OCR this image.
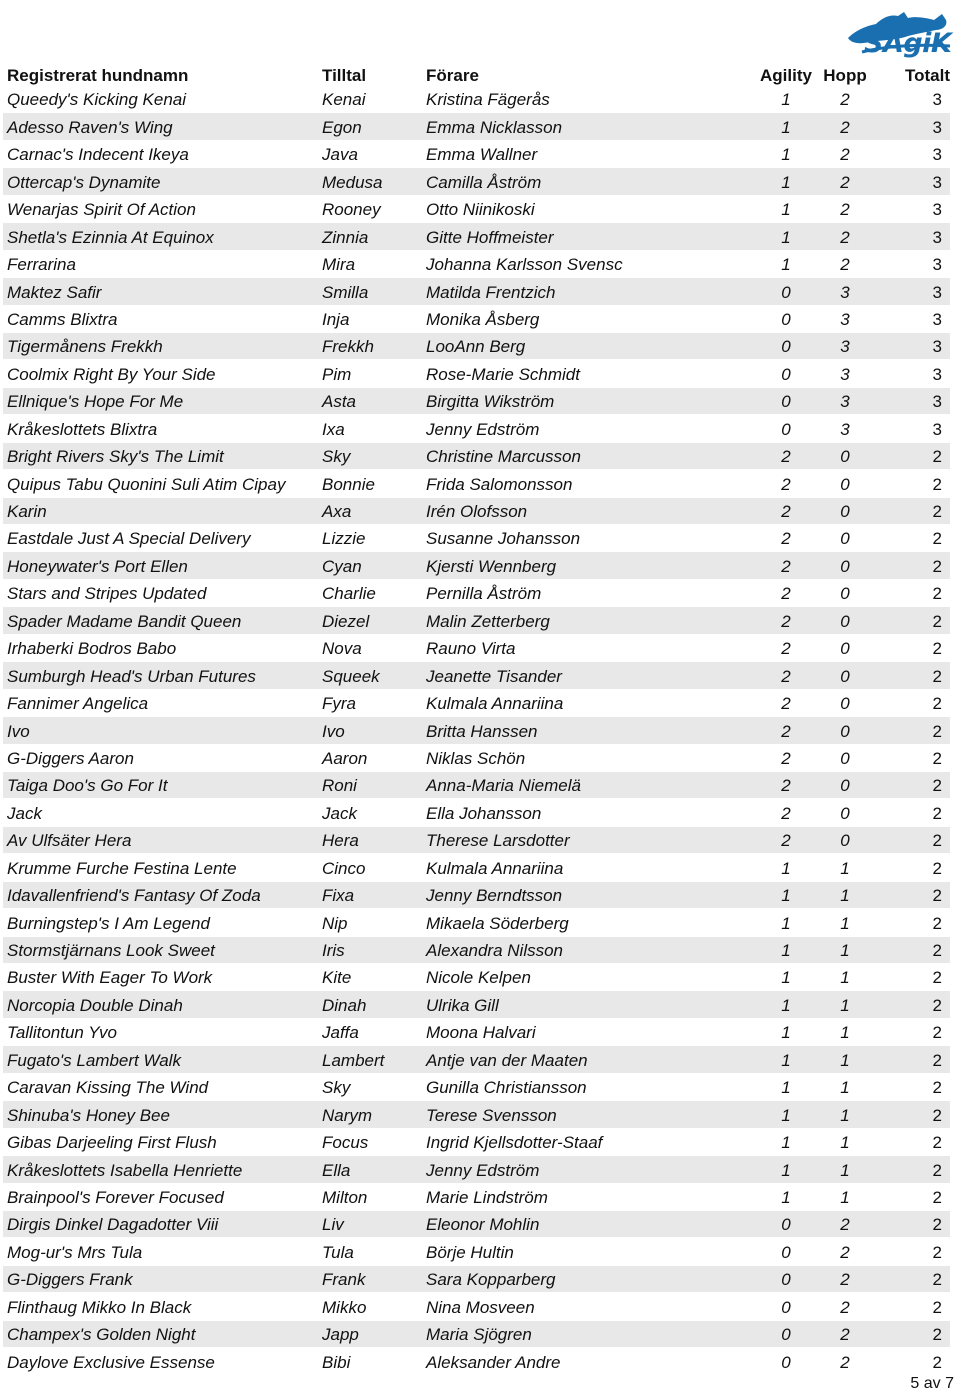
SAgiK
Registrerat hundnamn	Tilltal	Förare	Agility	Hopp	Totalt
Queedy's Kicking Kenai	Kenai	Kristina Fägerås	1	2	3
Adesso Raven's Wing	Egon	Emma Nicklasson	1	2	3
Carnac's Indecent Ikeya	Java	Emma Wallner	1	2	3
Ottercap's Dynamite	Medusa	Camilla Åström	1	2	3
Wenarjas Spirit Of Action	Rooney	Otto Niinikoski	1	2	3
Shetla's Ezinnia At Equinox	Zinnia	Gitte Hoffmeister	1	2	3
Ferrarina	Mira	Johanna Karlsson Svensc	1	2	3
Maktez Safir	Smilla	Matilda Frentzich	0	3	3
Camms Blixtra	Inja	Monika Åsberg	0	3	3
Tigermånens Frekkh	Frekkh	LooAnn Berg	0	3	3
Coolmix Right By Your Side	Pim	Rose-Marie Schmidt	0	3	3
Ellnique's Hope For Me	Asta	Birgitta Wikström	0	3	3
Kråkeslottets Blixtra	Ixa	Jenny Edström	0	3	3
Bright Rivers Sky's The Limit	Sky	Christine Marcusson	2	0	2
Quipus Tabu Quonini Suli Atim Cipay	Bonnie	Frida Salomonsson	2	0	2
Karin	Axa	Irén Olofsson	2	0	2
Eastdale Just A Special Delivery	Lizzie	Susanne Johansson	2	0	2
Honeywater's Port Ellen	Cyan	Kjersti Wennberg	2	0	2
Stars and Stripes Updated	Charlie	Pernilla Åström	2	0	2
Spader Madame Bandit Queen	Diezel	Malin Zetterberg	2	0	2
Irhaberki Bodros Babo	Nova	Rauno Virta	2	0	2
Sumburgh Head's Urban Futures	Squeek	Jeanette Tisander	2	0	2
Fannimer Angelica	Fyra	Kulmala Annariina	2	0	2
Ivo	Ivo	Britta Hanssen	2	0	2
G-Diggers Aaron	Aaron	Niklas Schön	2	0	2
Taiga Doo's Go For It	Roni	Anna-Maria Niemelä	2	0	2
Jack	Jack	Ella Johansson	2	0	2
Av Ulfsäter Hera	Hera	Therese Larsdotter	2	0	2
Krumme Furche Festina Lente	Cinco	Kulmala Annariina	1	1	2
Idavallenfriend's Fantasy Of Zoda	Fixa	Jenny Berndtsson	1	1	2
Burningstep's I Am Legend	Nip	Mikaela Söderberg	1	1	2
Stormstjärnans Look Sweet	Iris	Alexandra Nilsson	1	1	2
Buster With Eager To Work	Kite	Nicole Kelpen	1	1	2
Norcopia Double Dinah	Dinah	Ulrika Gill	1	1	2
Tallitontun Yvo	Jaffa	Moona Halvari	1	1	2
Fugato's Lambert Walk	Lambert	Antje van der Maaten	1	1	2
Caravan Kissing The Wind	Sky	Gunilla Christiansson	1	1	2
Shinuba's Honey Bee	Narym	Terese Svensson	1	1	2
Gibas Darjeeling First Flush	Focus	Ingrid Kjellsdotter-Staaf	1	1	2
Kråkeslottets Isabella Henriette	Ella	Jenny Edström	1	1	2
Brainpool's Forever Focused	Milton	Marie Lindström	1	1	2
Dirgis Dinkel Dagadotter Viii	Liv	Eleonor Mohlin	0	2	2
Mog-ur's Mrs Tula	Tula	Börje Hultin	0	2	2
G-Diggers Frank	Frank	Sara Kopparberg	0	2	2
Flinthaug Mikko In Black	Mikko	Nina Mosveen	0	2	2
Champex's Golden Night	Japp	Maria Sjögren	0	2	2
Daylove Exclusive Essense	Bibi	Aleksander Andre	0	2	2
5 av 7
